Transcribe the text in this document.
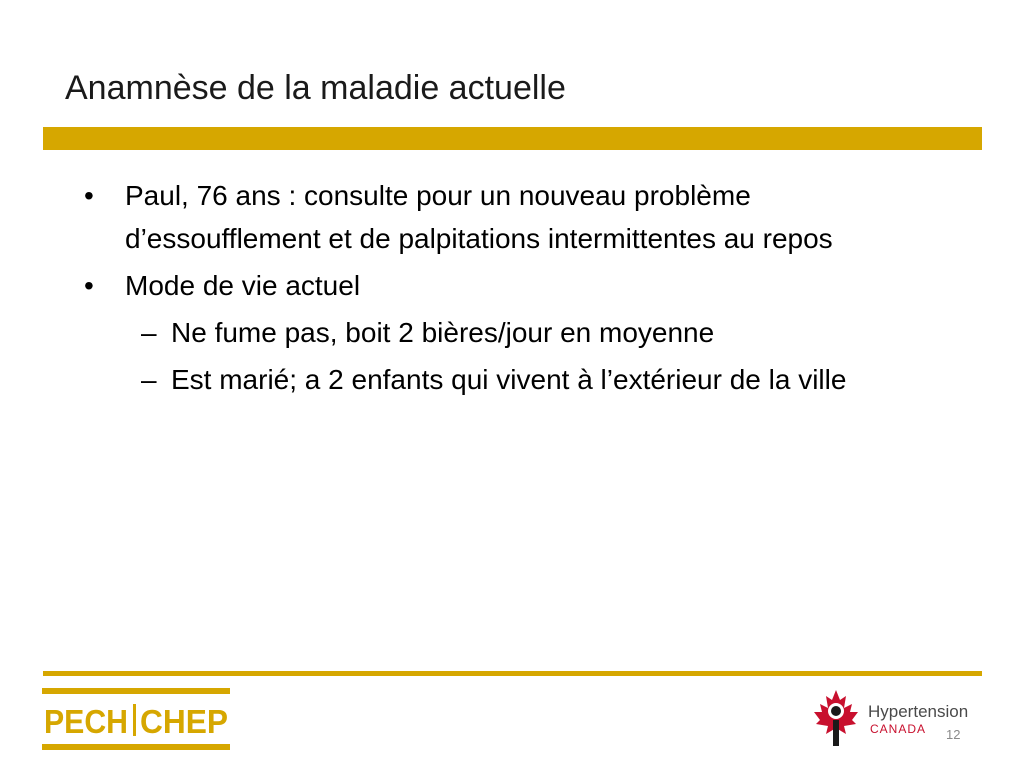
Anamnèse de la maladie actuelle
• Paul, 76 ans : consulte pour un nouveau problème d’essoufflement et de palpitations intermittentes au repos
• Mode de vie actuel
– Ne fume pas, boit 2 bières/jour en moyenne
– Est marié; a 2 enfants qui vivent à l’extérieur de la ville
PECH CHEP	Hypertension
CANADA 12
